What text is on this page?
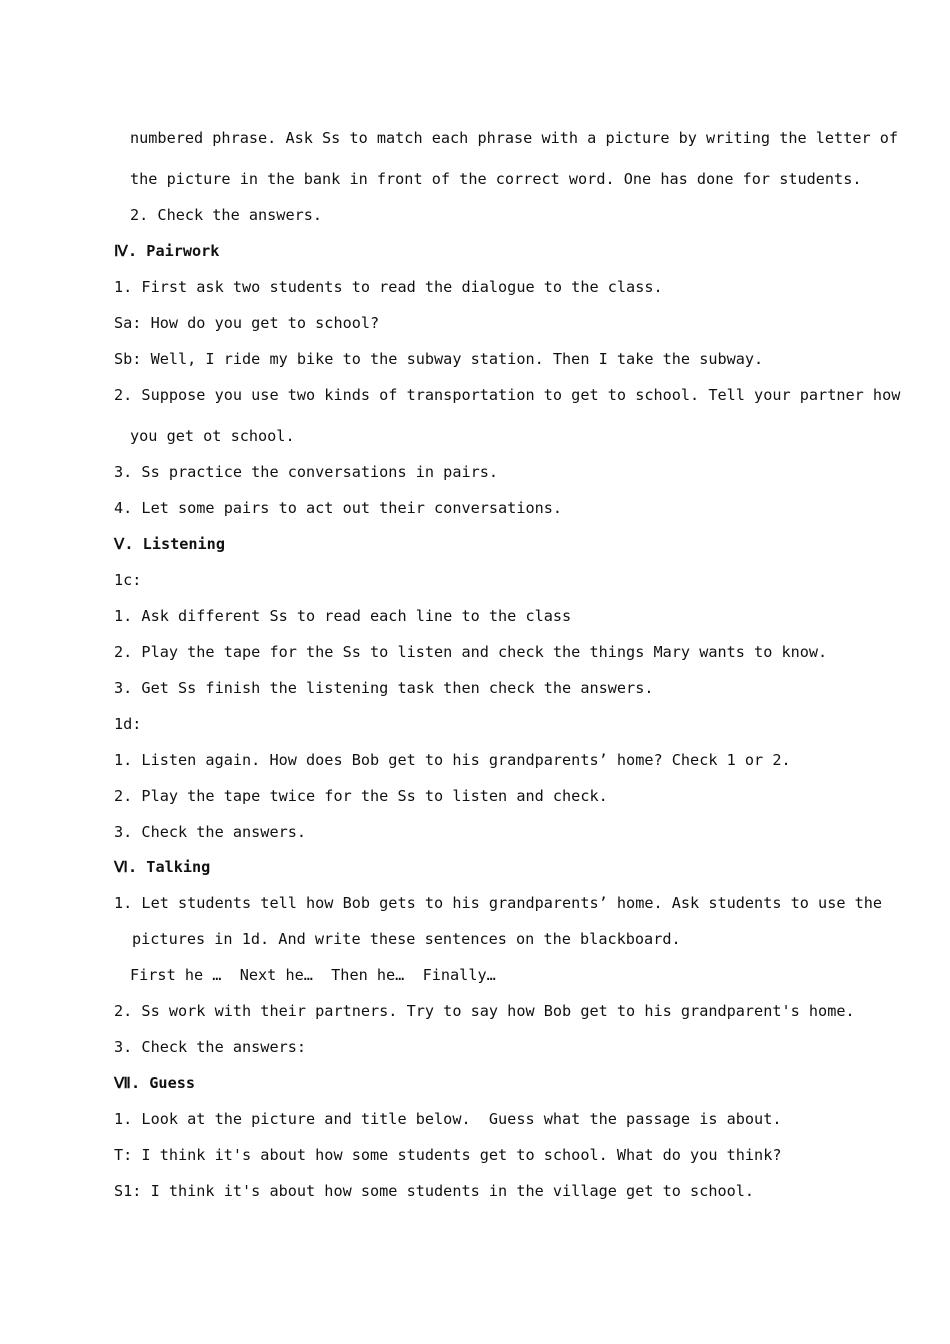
numbered phrase. Ask Ss to match each phrase with a picture by writing the letter of
the picture in the bank in front of the correct word. One has done for students.
2. Check the answers.
Ⅳ. Pairwork
1. First ask two students to read the dialogue to the class.
Sa: How do you get to school?
Sb: Well, I ride my bike to the subway station. Then I take the subway.
2. Suppose you use two kinds of transportation to get to school. Tell your partner how
you get ot school.
3. Ss practice the conversations in pairs.
4. Let some pairs to act out their conversations.
Ⅴ. Listening
1c:
1. Ask different Ss to read each line to the class
2. Play the tape for the Ss to listen and check the things Mary wants to know.
3. Get Ss finish the listening task then check the answers.
1d:
1. Listen again. How does Bob get to his grandparents’ home? Check 1 or 2.
2. Play the tape twice for the Ss to listen and check.
3. Check the answers.
Ⅵ. Talking
1. Let students tell how Bob gets to his grandparents’ home. Ask students to use the
pictures in 1d. And write these sentences on the blackboard.
First he …  Next he…  Then he…  Finally…
2. Ss work with their partners. Try to say how Bob get to his grandparent's home.
3. Check the answers:
Ⅶ. Guess
1. Look at the picture and title below.  Guess what the passage is about.
T: I think it's about how some students get to school. What do you think?
S1: I think it's about how some students in the village get to school.
